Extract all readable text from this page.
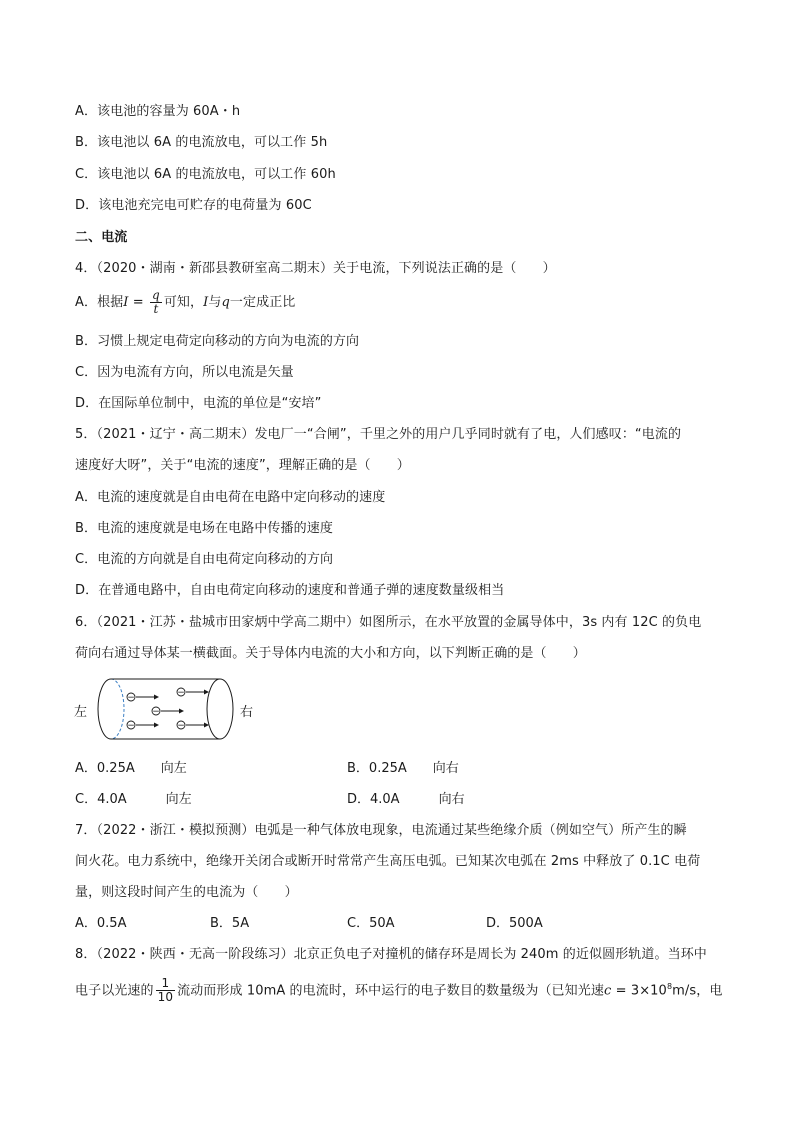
A．该电池的容量为 60A・h
B．该电池以 6A 的电流放电，可以工作 5h
C．该电池以 6A 的电流放电，可以工作 60h
D．该电池充完电可贮存的电荷量为 60C
二、电流
4．（2020・湖南・新邵县教研室高二期末）关于电流，下列说法正确的是（　　）
A．根据$I = \frac{q}{t}$ 可知，I与q一定成正比
B．习惯上规定电荷定向移动的方向为电流的方向
C．因为电流有方向，所以电流是矢量
D．在国际单位制中，电流的单位是“安培”
5．（2021・辽宁・高二期末）发电厂一“合闸”，千里之外的用户几乎同时就有了电，人们感叹：“电流的
速度好大呀”，关于“电流的速度”，理解正确的是（　　）
A．电流的速度就是自由电荷在电路中定向移动的速度
B．电流的速度就是电场在电路中传播的速度
C．电流的方向就是自由电荷定向移动的方向
D．在普通电路中，自由电荷定向移动的速度和普通子弹的速度数量级相当
6．（2021・江苏・盐城市田家炳中学高二期中）如图所示，在水平放置的金属导体中，3s 内有 12C 的负电
荷向右通过导体某一横截面。关于导体内电流的大小和方向，以下判断正确的是（　　）
左	右
−	−
−
−	−
A．0.25A　　向左	B．0.25A　　向右
C．4.0A　　　向左	D．4.0A　　　向右
7．（2022・浙江・模拟预测）电弧是一种气体放电现象，电流通过某些绝缘介质（例如空气）所产生的瞬
间火花。电力系统中，绝缘开关闭合或断开时常常产生高压电弧。已知某次电弧在 2ms 中释放了 0.1C 电荷
量，则这段时间产生的电流为（　　）
A．0.5A	B．5A	C．50A	D．500A
8．（2022・陕西・无高一阶段练习）北京正负电子对撞机的储存环是周长为 240m 的近似圆形轨道。当环中
电子以光速的 $\frac{1}{10}$ 流动而形成 10mA 的电流时，环中运行的电子数目的数量级为（已知光速$c = 3\times 10^8m/s$，电
